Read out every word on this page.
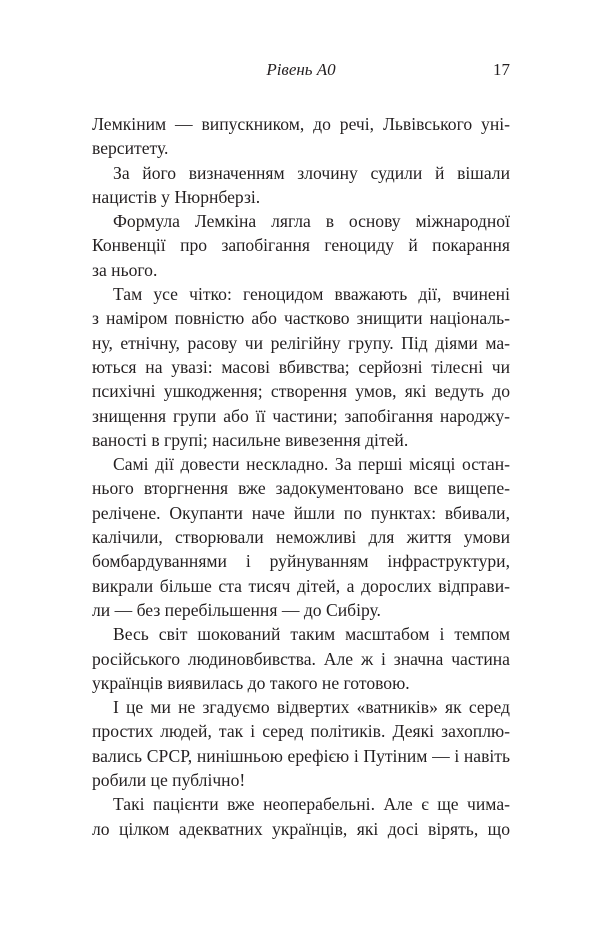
Рівень А0	17
Лемкіним — випускником, до речі, Львівського уні-
верситету.
За його визначенням злочину судили й вішали
нацистів у Нюрнберзі.
Формула Лемкіна лягла в основу міжнародної
Конвенції про запобігання геноциду й покарання
за нього.
Там усе чітко: геноцидом вважають дії, вчинені
з наміром повністю або частково знищити національ-
ну, етнічну, расову чи релігійну групу. Під діями ма-
ються на увазі: масові вбивства; серйозні тілесні чи
психічні ушкодження; створення умов, які ведуть до
знищення групи або її частини; запобігання народжу-
ваності в групі; насильне вивезення дітей.
Самі дії довести нескладно. За перші місяці остан-
нього вторгнення вже задокументовано все вищепе-
релічене. Окупанти наче йшли по пунктах: вбивали,
калічили, створювали неможливі для життя умови
бомбардуваннями і руйнуванням інфраструктури,
викрали більше ста тисяч дітей, а дорослих відправи-
ли — без перебільшення — до Сибіру.
Весь світ шокований таким масштабом і темпом
російського людиновбивства. Але ж і значна частина
українців виявилась до такого не готовою.
І це ми не згадуємо відвертих «ватників» як серед
простих людей, так і серед політиків. Деякі захоплю-
вались СРСР, нинішньою ерефією і Путіним — і навіть
робили це публічно!
Такі пацієнти вже неоперабельні. Але є ще чима-
ло цілком адекватних українців, які досі вірять, що
